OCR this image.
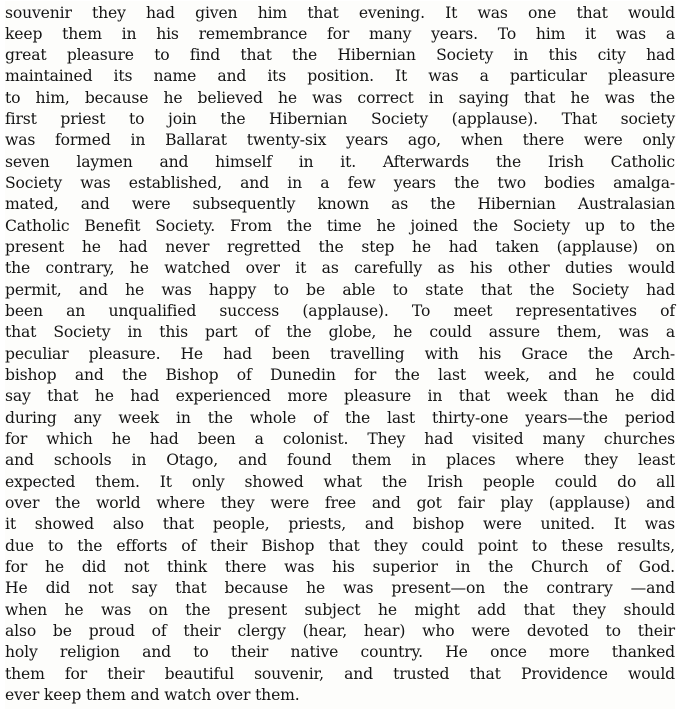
souvenir they had given him that evening. It was one that would
keep them in his remembrance for many years. To him it was a
great pleasure to find that the Hibernian Society in this city had
maintained its name and its position. It was a particular pleasure
to him, because he believed he was correct in saying that he was the
first priest to join the Hibernian Society (applause). That society
was formed in Ballarat twenty-six years ago, when there were only
seven laymen and himself in it. Afterwards the Irish Catholic
Society was established, and in a few years the two bodies amalga-
mated, and were subsequently known as the Hibernian Australasian
Catholic Benefit Society. From the time he joined the Society up to the
present he had never regretted the step he had taken (applause) on
the contrary, he watched over it as carefully as his other duties would
permit, and he was happy to be able to state that the Society had
been an unqualified success (applause). To meet representatives of
that Society in this part of the globe, he could assure them, was a
peculiar pleasure. He had been travelling with his Grace the Arch-
bishop and the Bishop of Dunedin for the last week, and he could
say that he had experienced more pleasure in that week than he did
during any week in the whole of the last thirty-one years—the period
for which he had been a colonist. They had visited many churches
and schools in Otago, and found them in places where they least
expected them. It only showed what the Irish people could do all
over the world where they were free and got fair play (applause) and
it showed also that people, priests, and bishop were united. It was
due to the efforts of their Bishop that they could point to these results,
for he did not think there was his superior in the Church of God.
He did not say that because he was present—on the contrary —and
when he was on the present subject he might add that they should
also be proud of their clergy (hear, hear) who were devoted to their
holy religion and to their native country. He once more thanked
them for their beautiful souvenir, and trusted that Providence would
ever keep them and watch over them.
